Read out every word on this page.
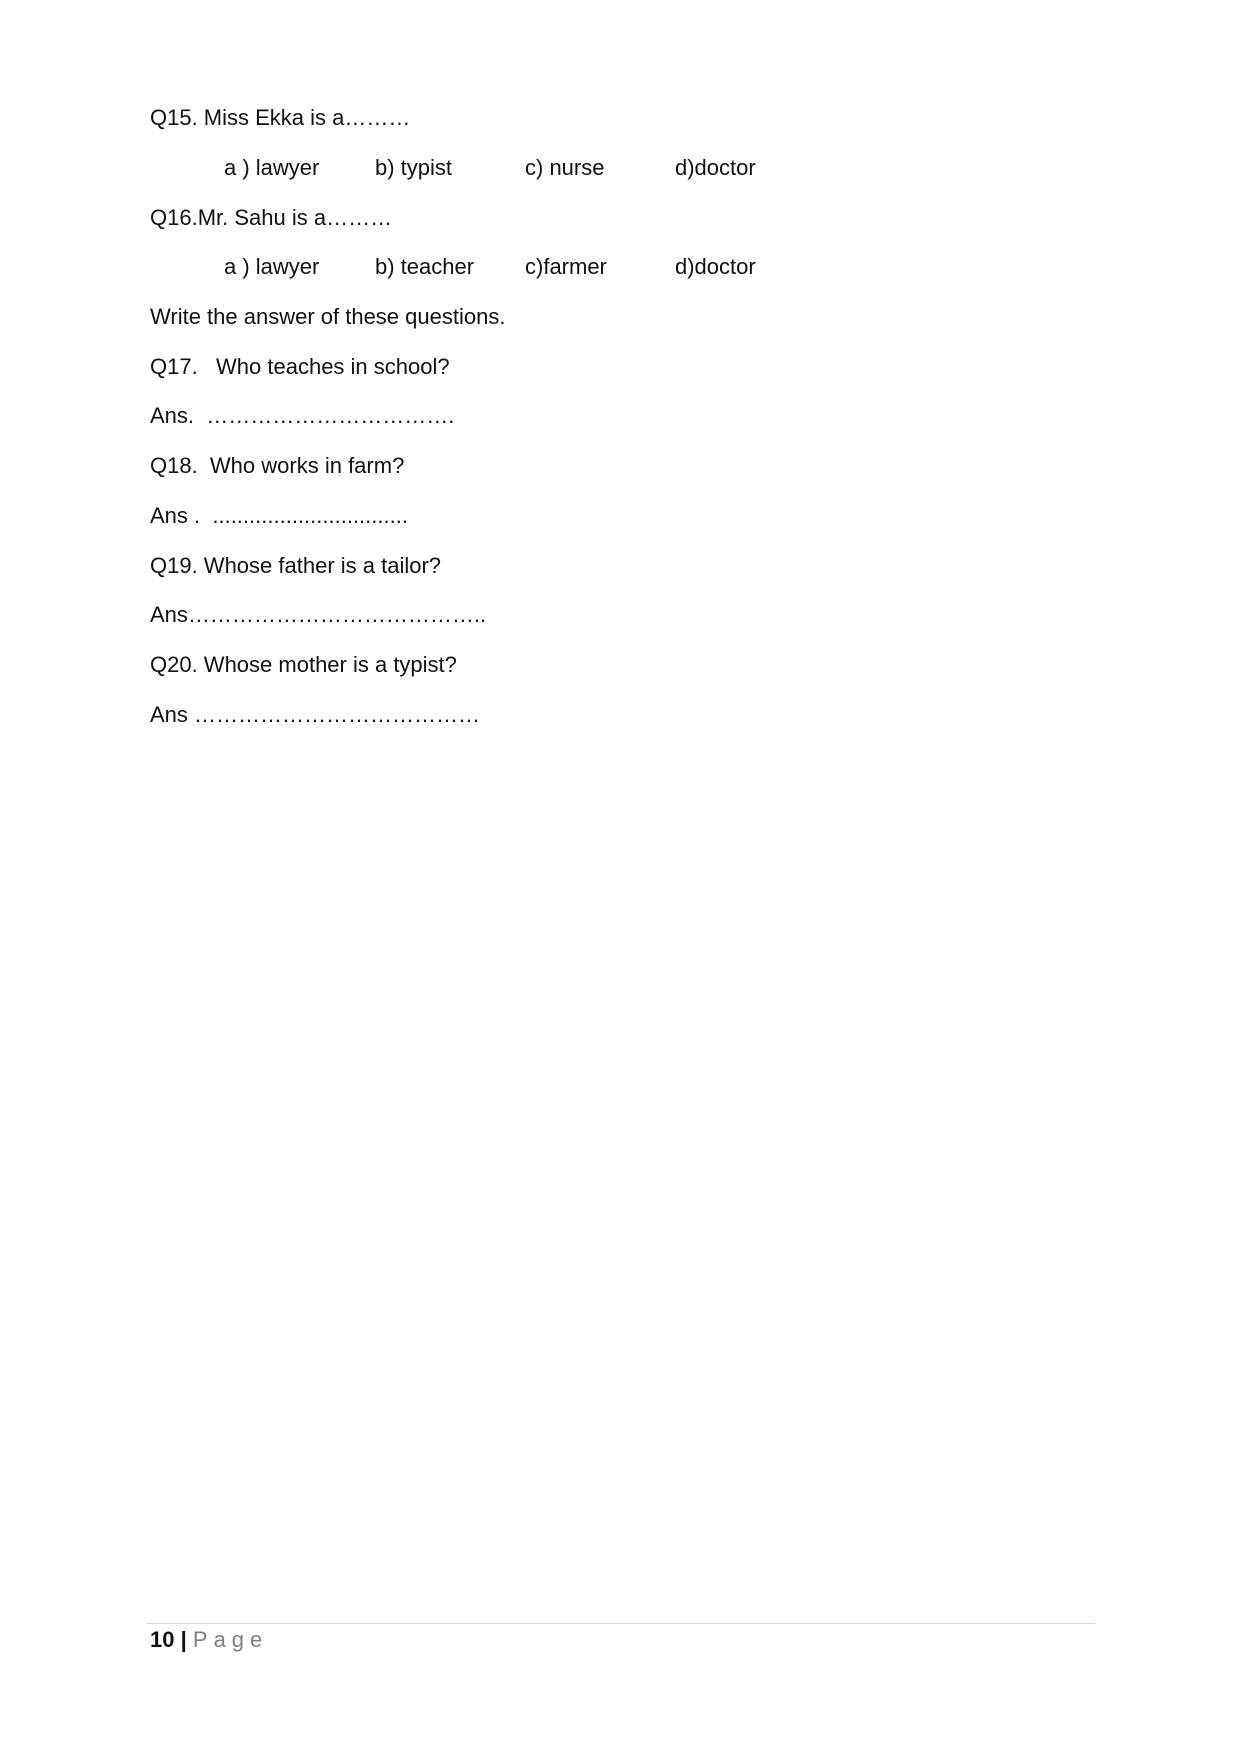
Q15. Miss Ekka is a………

a ) lawyer	b) typist	c) nurse	d)doctor

Q16.Mr. Sahu is a………

a ) lawyer	b) teacher c)farmer	d)doctor

Write the answer of these questions.

Q17.   Who teaches in school?

Ans.  …………………………….

Q18.  Who works in farm?

Ans .  ................................

Q19. Whose father is a tailor?

Ans…………………………………..

Q20. Whose mother is a typist?

Ans …………………………………

10 | Page
